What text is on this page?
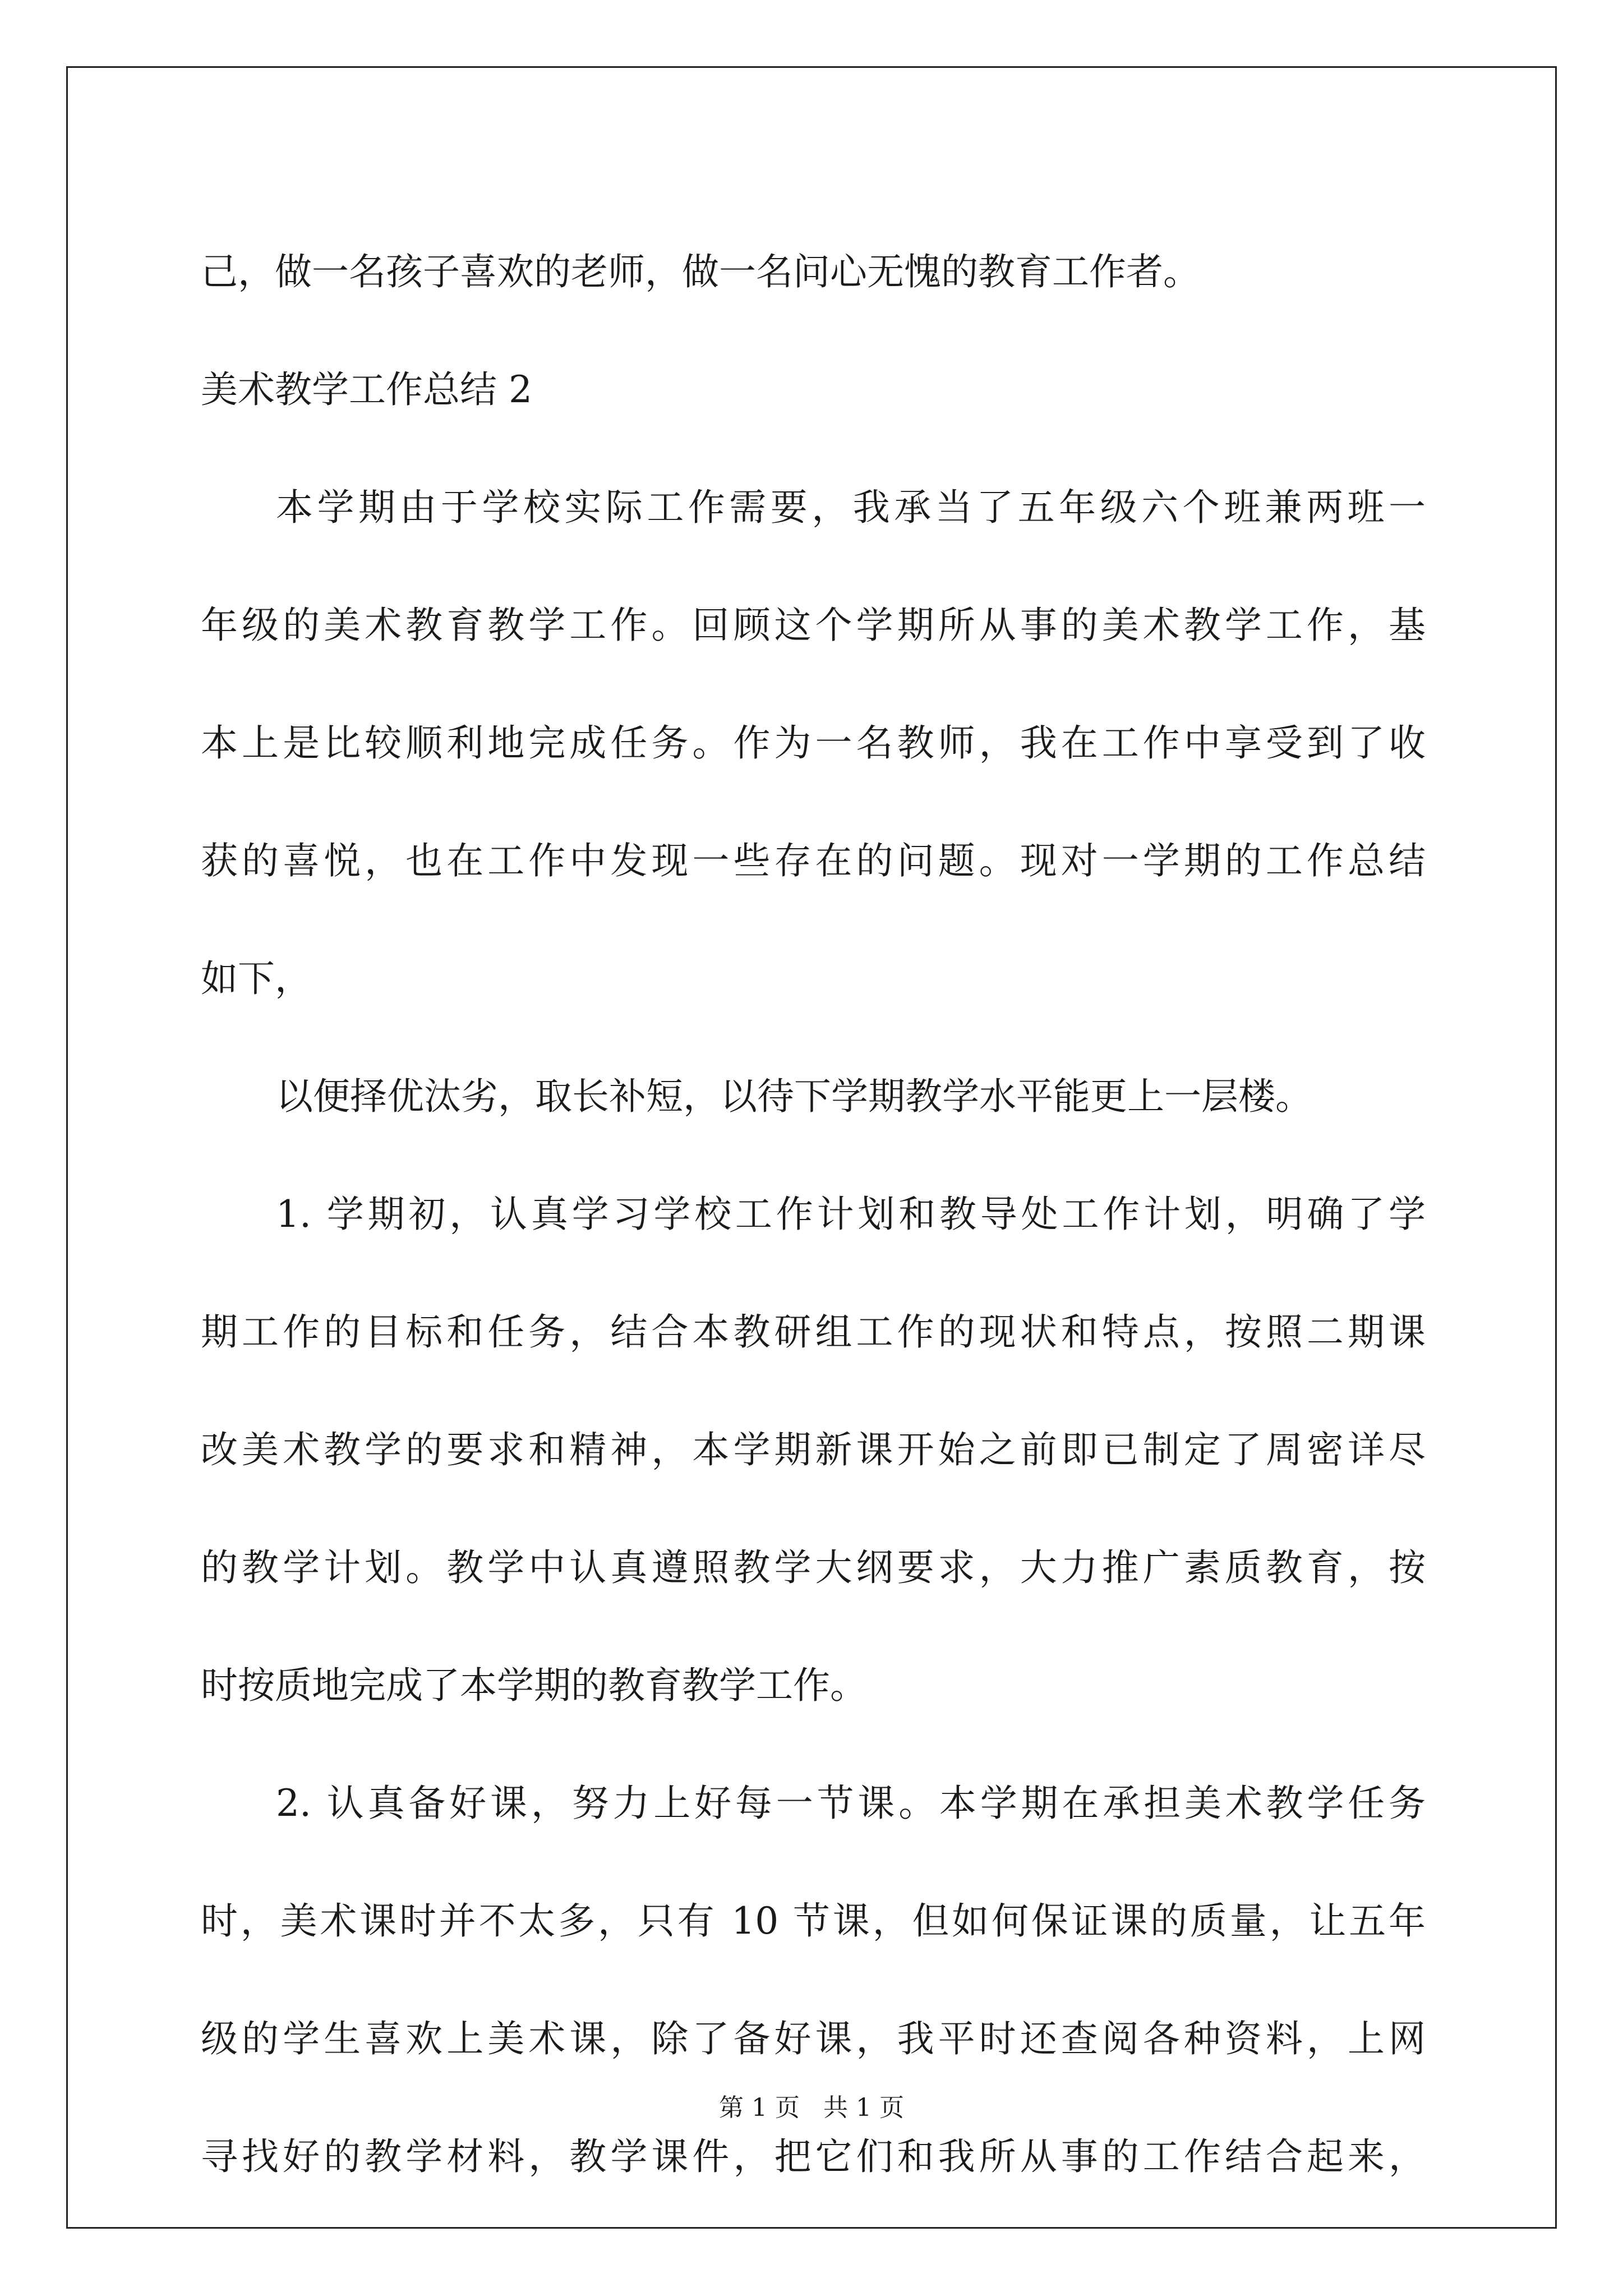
己，做一名孩子喜欢的老师，做一名问心无愧的教育工作者。

美术教学工作总结 2

本学期由于学校实际工作需要，我承当了五年级六个班兼两班一

年级的美术教育教学工作。回顾这个学期所从事的美术教学工作，基

本上是比较顺利地完成任务。作为一名教师，我在工作中享受到了收

获的喜悦，也在工作中发现一些存在的问题。现对一学期的工作总结

如下，

以便择优汰劣，取长补短，以待下学期教学水平能更上一层楼。

1. 学期初，认真学习学校工作计划和教导处工作计划，明确了学

期工作的目标和任务，结合本教研组工作的现状和特点，按照二期课

改美术教学的要求和精神，本学期新课开始之前即已制定了周密详尽

的教学计划。教学中认真遵照教学大纲要求，大力推广素质教育，按

时按质地完成了本学期的教育教学工作。

2. 认真备好课，努力上好每一节课。本学期在承担美术教学任务

时，美术课时并不太多，只有 10 节课，但如何保证课的质量，让五年

级的学生喜欢上美术课，除了备好课，我平时还查阅各种资料，上网

寻找好的教学材料，教学课件，把它们和我所从事的工作结合起来，

第 1 页   共 1 页
